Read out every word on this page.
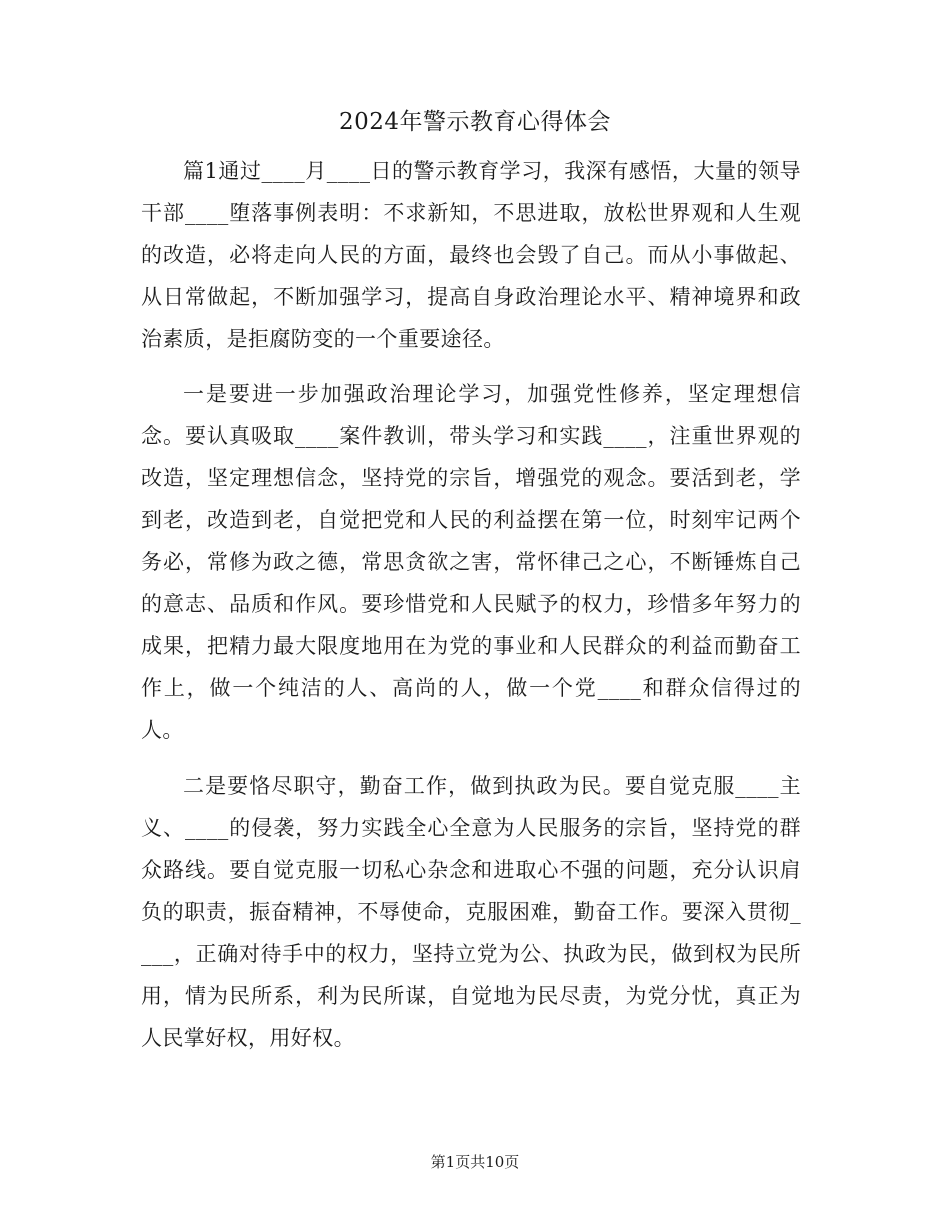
2024年警示教育心得体会

篇1通过____月____日的警示教育学习，我深有感悟，大量的领导干部____堕落事例表明：不求新知，不思进取，放松世界观和人生观的改造，必将走向人民的方面，最终也会毁了自己。而从小事做起、从日常做起，不断加强学习，提高自身政治理论水平、精神境界和政治素质，是拒腐防变的一个重要途径。

一是要进一步加强政治理论学习，加强党性修养，坚定理想信念。要认真吸取____案件教训，带头学习和实践____，注重世界观的改造，坚定理想信念，坚持党的宗旨，增强党的观念。要活到老，学到老，改造到老，自觉把党和人民的利益摆在第一位，时刻牢记两个务必，常修为政之德，常思贪欲之害，常怀律己之心，不断锤炼自己的意志、品质和作风。要珍惜党和人民赋予的权力，珍惜多年努力的成果，把精力最大限度地用在为党的事业和人民群众的利益而勤奋工作上，做一个纯洁的人、高尚的人，做一个党____和群众信得过的人。

二是要恪尽职守，勤奋工作，做到执政为民。要自觉克服____主义、____的侵袭，努力实践全心全意为人民服务的宗旨，坚持党的群众路线。要自觉克服一切私心杂念和进取心不强的问题，充分认识肩负的职责，振奋精神，不辱使命，克服困难，勤奋工作。要深入贯彻____，正确对待手中的权力，坚持立党为公、执政为民，做到权为民所用，情为民所系，利为民所谋，自觉地为民尽责，为党分忧，真正为人民掌好权，用好权。

第1页共10页
